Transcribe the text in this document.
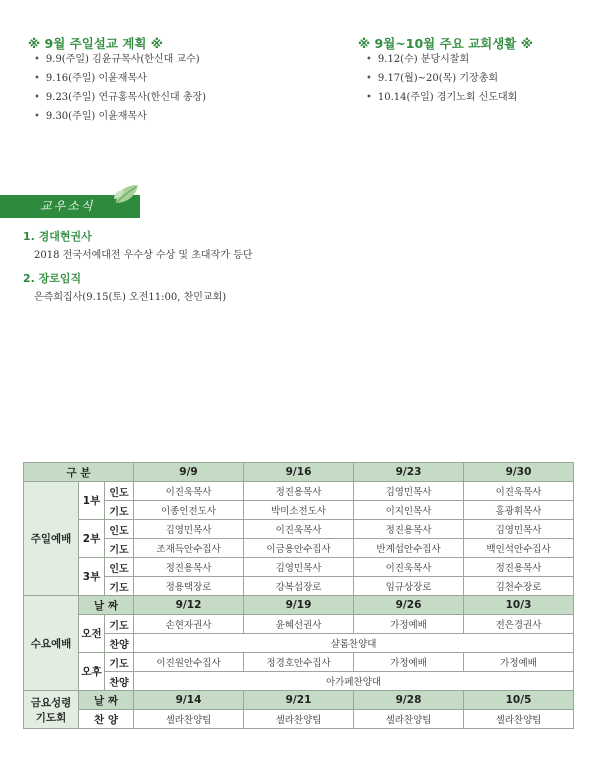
※ 9월 주일설교 계획 ※
• 9.9(주일) 김윤규목사(한신대 교수)
• 9.16(주일) 이윤재목사
• 9.23(주일) 연규홍목사(한신대 총장)
• 9.30(주일) 이윤재목사
※ 9월~10월 주요 교회생활 ※
• 9.12(수) 분당시찰회
• 9.17(월)~20(목) 기장총회
• 10.14(주일) 경기노회 신도대회
교우소식
1. 경대현권사
2018 전국서예대전 우수상 수상 및 초대작가 등단
2. 장로임직
은즉희집사(9.15(토) 오전11:00, 찬민교회)
구 분			9/9	9/16	9/23	9/30
주일예배	1부	인도	이진욱목사	정진용목사	김영민목사	이진욱목사
		기도	이종인전도사	박미소전도사	이지인목사	홍광휘목사
	2부	인도	김영민목사	이진욱목사	정진용목사	김영민목사
		기도	조재득안수집사	이금용안수집사	반계섭안수집사	백인석안수집사
	3부	인도	정진용목사	김영민목사	이진욱목사	정진용목사
		기도	정용택장로	강복섭장로	임규상장로	김천수장로
수요예배	날 짜		9/12	9/19	9/26	10/3
	오전	기도	손현자권사	윤혜선권사	가정예배	전은경권사
		찬양	샬롬찬양대			
	오후	기도	이진원안수집사	정경호안수집사	가정예배	가정예배
		찬양	아가페찬양대			
금요성령
기도회	날 짜		9/14	9/21	9/28	10/5
	찬 양		셀라찬양팀	셀라찬양팀	셀라찬양팀	셀라찬양팀
